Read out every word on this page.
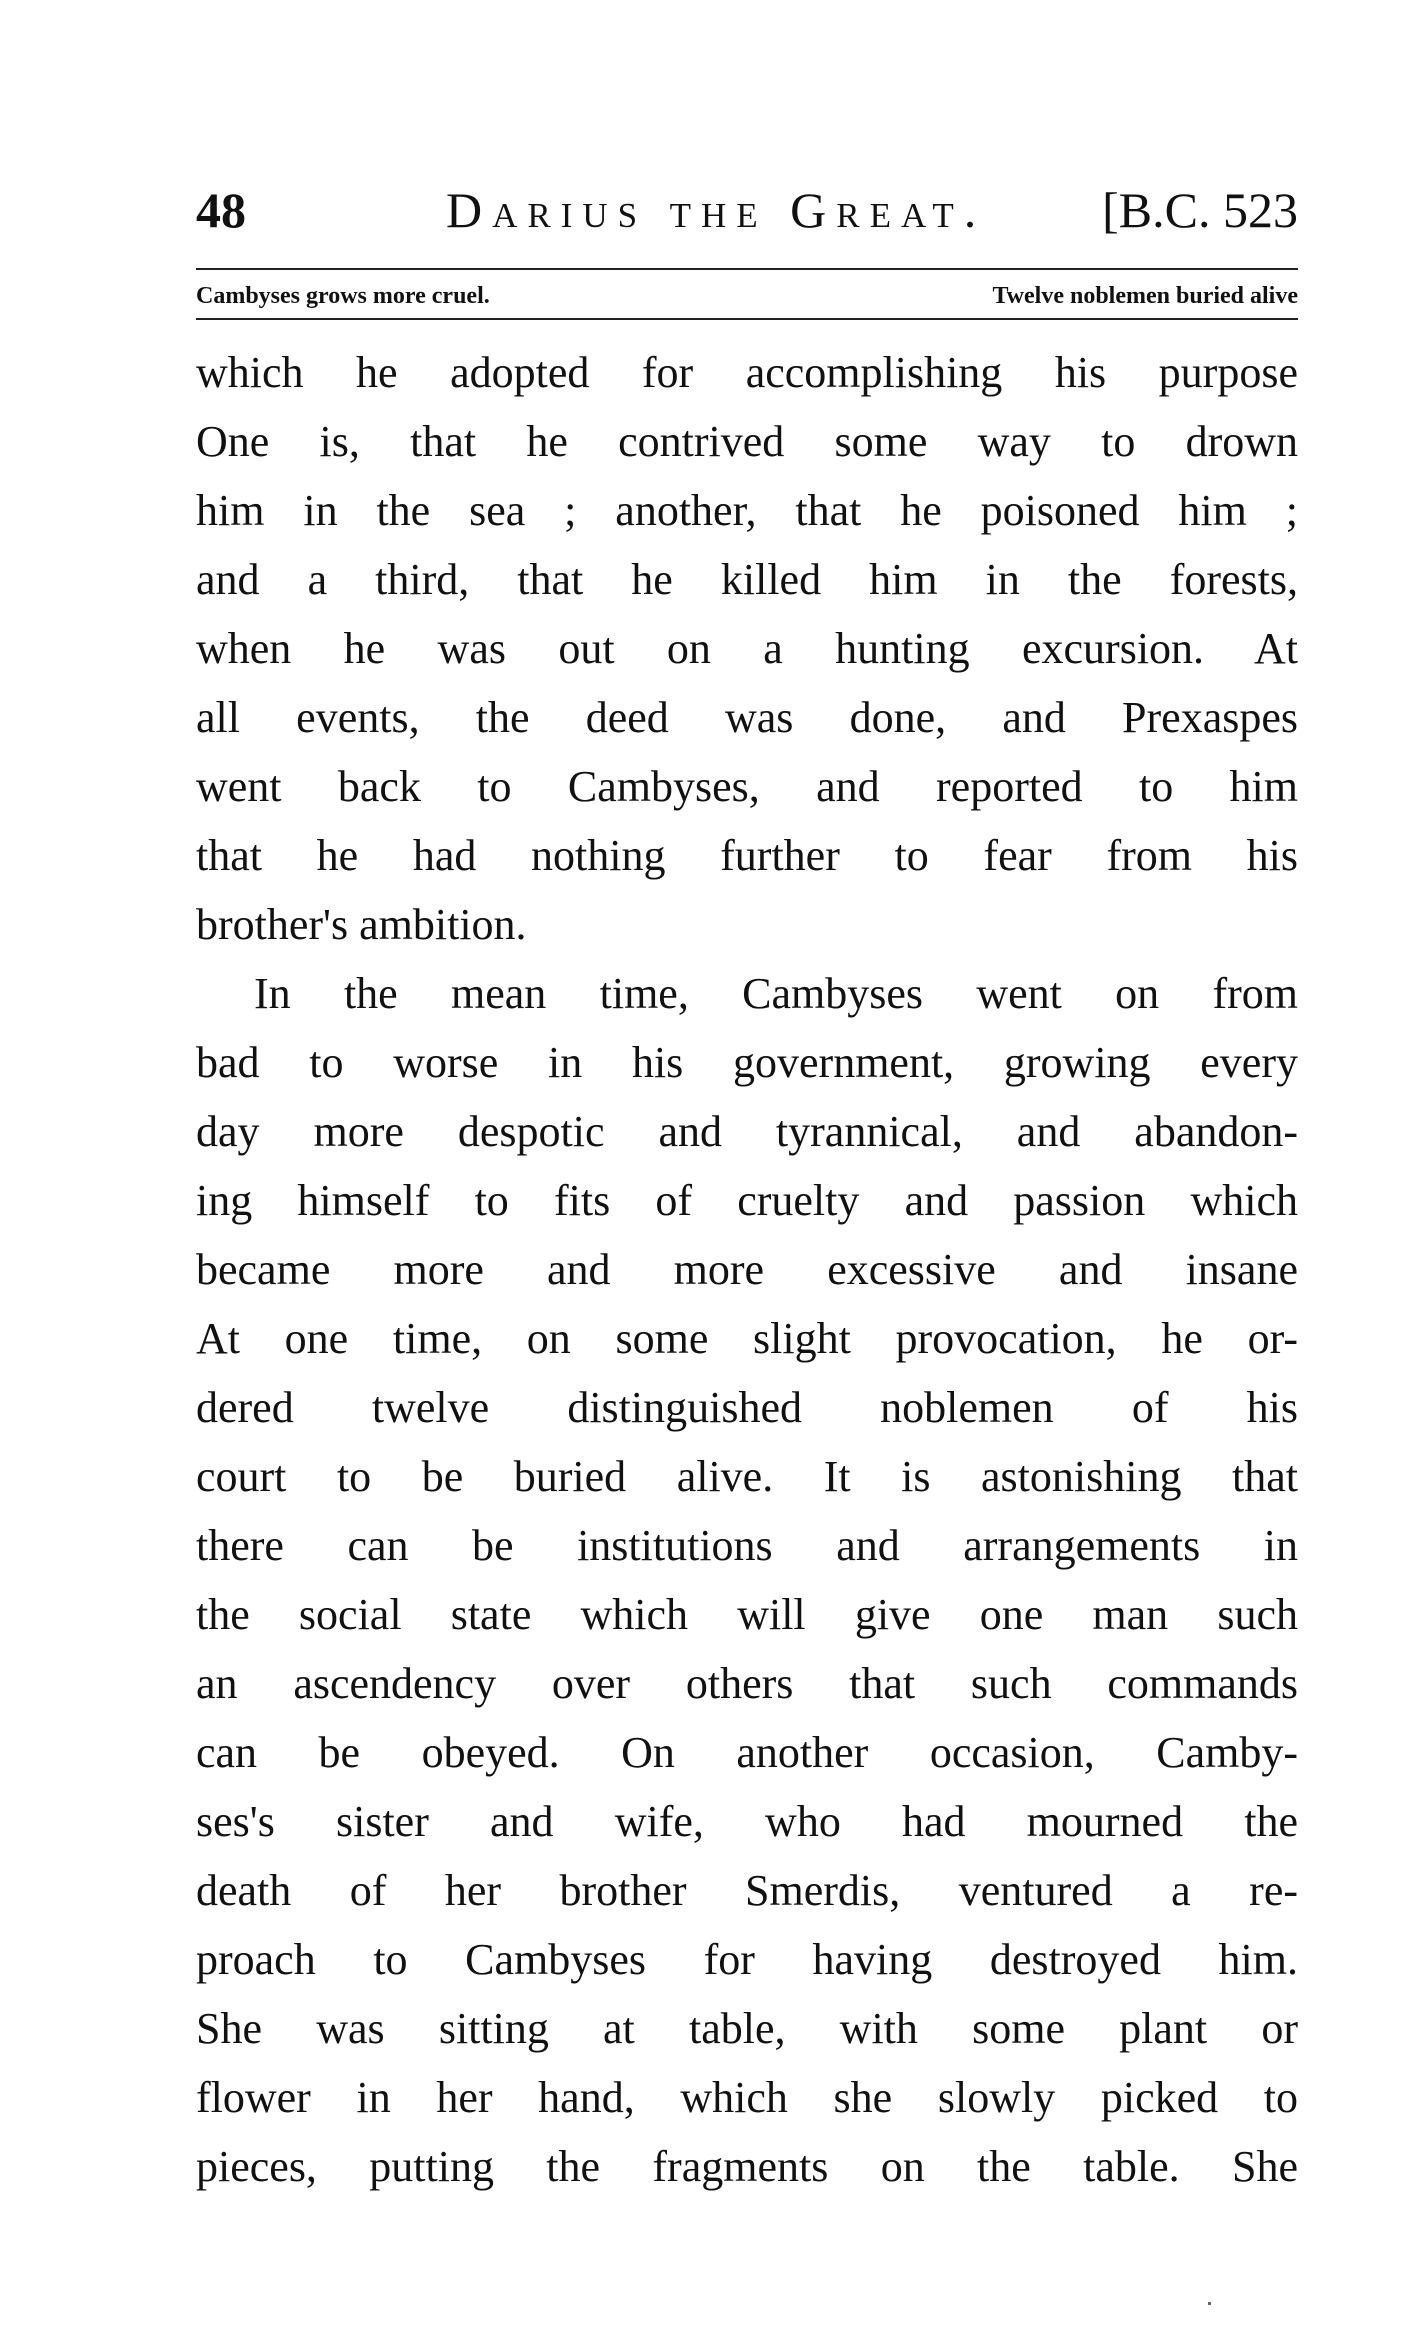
48	Darius the Great. [B.C. 523
Cambyses grows more cruel.	Twelve noblemen buried alive
which he adopted for accomplishing his purpose
One is, that he contrived some way to drown
him in the sea ; another, that he poisoned him ;
and a third, that he killed him in the forests,
when he was out on a hunting excursion. At
all events, the deed was done, and Prexaspes
went back to Cambyses, and reported to him
that he had nothing further to fear from his
brother's ambition.
In the mean time, Cambyses went on from
bad to worse in his government, growing every
day more despotic and tyrannical, and abandon-
ing himself to fits of cruelty and passion which
became more and more excessive and insane
At one time, on some slight provocation, he or-
dered twelve distinguished noblemen of his
court to be buried alive. It is astonishing that
there can be institutions and arrangements in
the social state which will give one man such
an ascendency over others that such commands
can be obeyed. On another occasion, Camby-
ses's sister and wife, who had mourned the
death of her brother Smerdis, ventured a re-
proach to Cambyses for having destroyed him.
She was sitting at table, with some plant or
flower in her hand, which she slowly picked to
pieces, putting the fragments on the table. She
